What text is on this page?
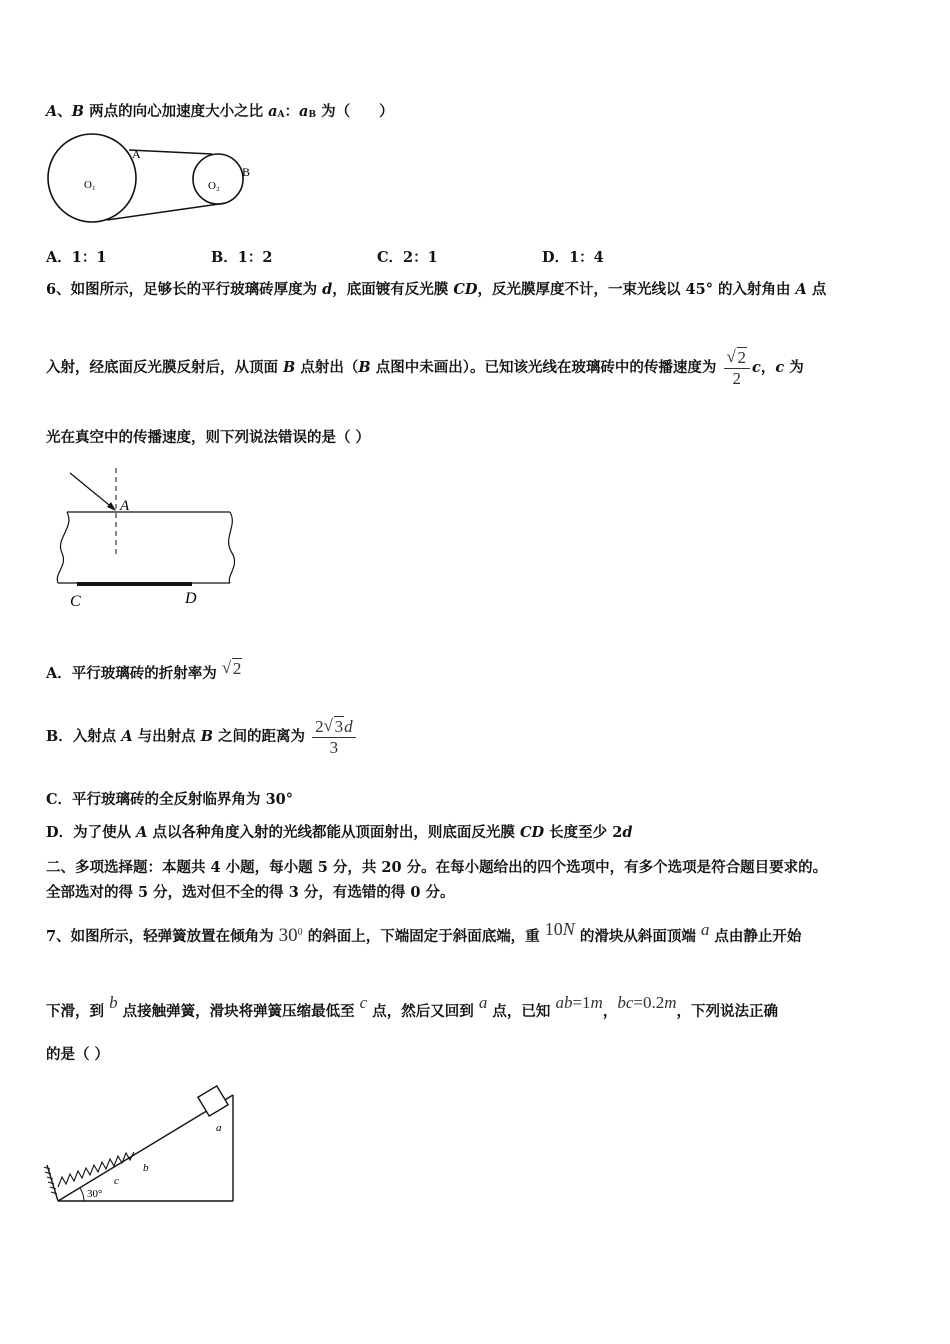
A、B 两点的向心加速度大小之比 aA：aB 为（　　）
A
B
O₁	O₂
A．1：1	B．1：2	C．2：1	D．1：4
6、如图所示，足够长的平行玻璃砖厚度为 d，底面镀有反光膜 CD，反光膜厚度不计，一束光线以 45° 的入射角由 A 点
入射，经底面反光膜反射后，从顶面 B 点射出（B 点图中未画出）。已知该光线在玻璃砖中的传播速度为 √ $\frac{2}{2}$ c，c 为
光在真空中的传播速度，则下列说法错误的是（ ）
A
C	D
A．平行玻璃砖的折射率为 √ 2
B．入射点 A 与出射点 B 之间的距离为 $\frac{2 √ 3d}{3}$
C．平行玻璃砖的全反射临界角为 30°
D．为了使从 A 点以各种角度入射的光线都能从顶面射出，则底面反光膜 CD 长度至少 2d
二、多项选择题：本题共 4 小题，每小题 5 分，共 20 分。在每小题给出的四个选项中，有多个选项是符合题目要求的。
全部选对的得 5 分，选对但不全的得 3 分，有选错的得 0 分。
7、如图所示，轻弹簧放置在倾角为 $30^0$ 的斜面上，下端固定于斜面底端，重 10N 的滑块从斜面顶端 a 点由静止开始
下滑，到 b 点接触弹簧，滑块将弹簧压缩最低至 c 点，然后又回到 a 点，已知 ab=1m，bc=0.2m，下列说法正确
的是（ ）
a
b
c
30°
